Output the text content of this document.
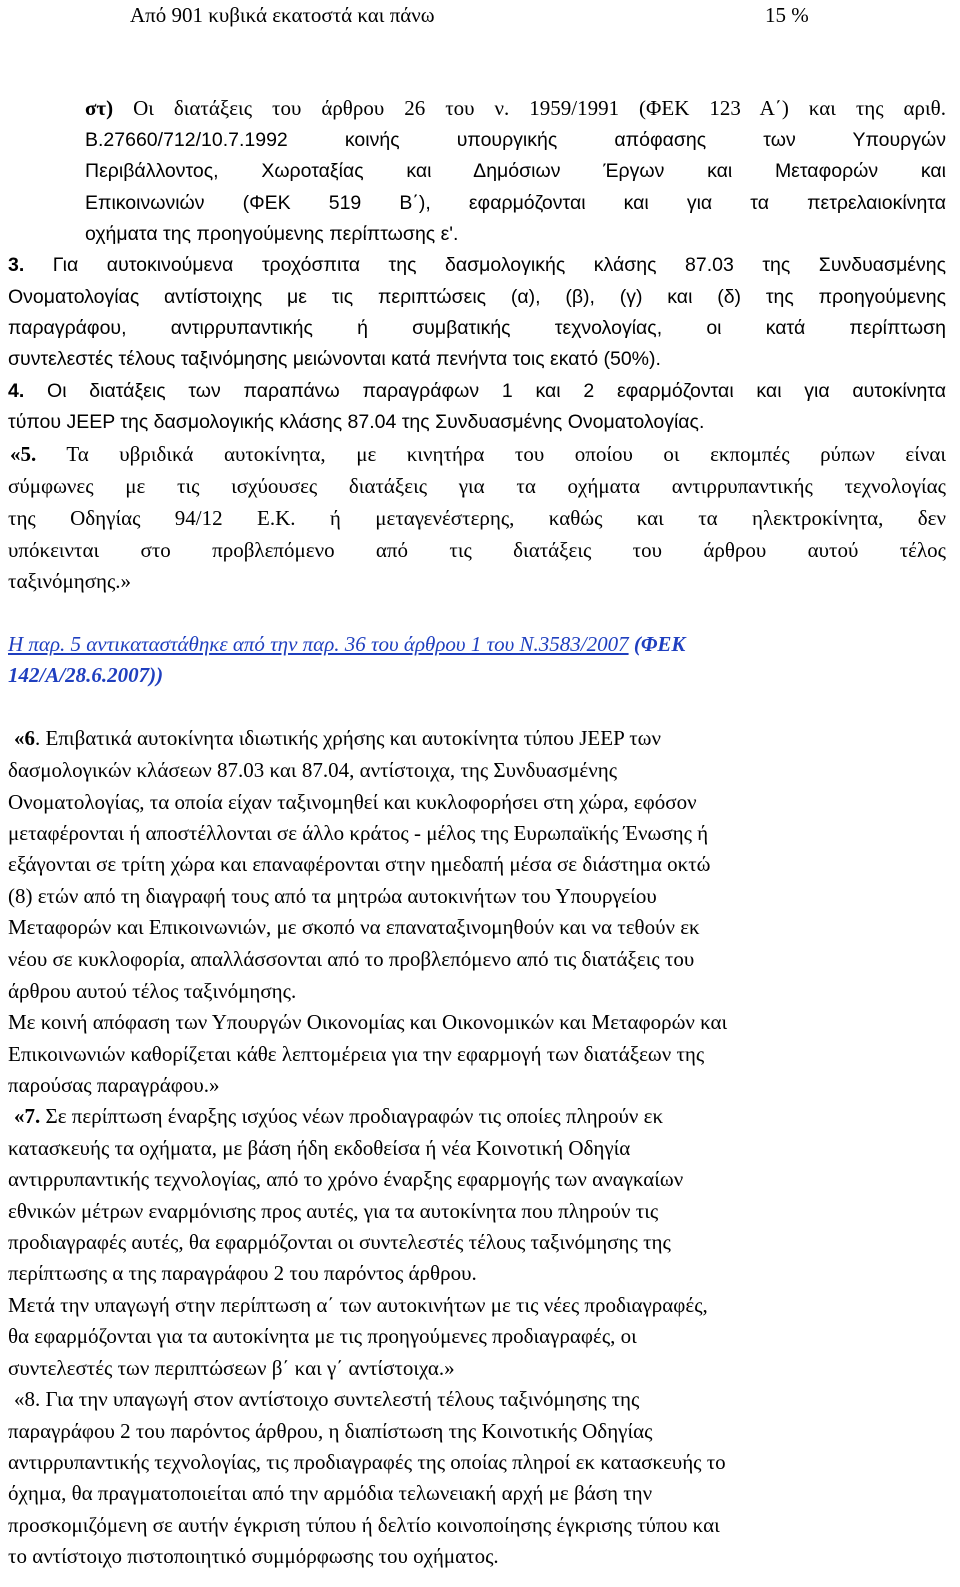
Από 901 κυβικά εκατοστά και πάνω	15 %
στ) Οι διατάξεις του άρθρου 26 του ν. 1959/1991 (ΦΕΚ 123 Α΄) και της αριθ.
Β.27660/712/10.7.1992 κοινής υπουργικής απόφασης των Υπουργών
Περιβάλλοντος, Χωροταξίας και Δημόσιων Έργων και Μεταφορών και
Επικοινωνιών (ΦΕΚ 519 Β΄), εφαρμόζονται και για τα πετρελαιοκίνητα
οχήματα της προηγούμενης περίπτωσης ε'.
3. Για αυτοκινούμενα τροχόσπιτα της δασμολογικής κλάσης 87.03 της Συνδυασμένης
Ονοματολογίας αντίστοιχης με τις περιπτώσεις (α), (β), (γ) και (δ) της προηγούμενης
παραγράφου, αντιρρυπαντικής ή συμβατικής τεχνολογίας, οι κατά περίπτωση
συντελεστές τέλους ταξινόμησης μειώνονται κατά πενήντα τοις εκατό (50%).
4. Οι διατάξεις των παραπάνω παραγράφων 1 και 2 εφαρμόζονται και για αυτοκίνητα
τύπου JEEP της δασμολογικής κλάσης 87.04 της Συνδυασμένης Ονοματολογίας.
«5. Τα υβριδικά αυτοκίνητα, με κινητήρα του οποίου οι εκπομπές ρύπων είναι
σύμφωνες με τις ισχύουσες διατάξεις για τα οχήματα αντιρρυπαντικής τεχνολογίας
της Οδηγίας 94/12 Ε.Κ. ή μεταγενέστερης, καθώς και τα ηλεκτροκίνητα, δεν
υπόκεινται στο προβλεπόμενο από τις διατάξεις του άρθρου αυτού τέλος
ταξινόμησης.»
Η παρ. 5 αντικαταστάθηκε από την παρ. 36 του άρθρου 1 του Ν.3583/2007 (ΦΕΚ
142/Α/28.6.2007))
«6. Επιβατικά αυτοκίνητα ιδιωτικής χρήσης και αυτοκίνητα τύπου JEEP των
δασμολογικών κλάσεων 87.03 και 87.04, αντίστοιχα, της Συνδυασμένης
Ονοματολογίας, τα οποία είχαν ταξινομηθεί και κυκλοφορήσει στη χώρα, εφόσον
μεταφέρονται ή αποστέλλονται σε άλλο κράτος - μέλος της Ευρωπαϊκής Ένωσης ή
εξάγονται σε τρίτη χώρα και επαναφέρονται στην ημεδαπή μέσα σε διάστημα οκτώ
(8) ετών από τη διαγραφή τους από τα μητρώα αυτοκινήτων του Υπουργείου
Μεταφορών και Επικοινωνιών, με σκοπό να επαναταξινομηθούν και να τεθούν εκ
νέου σε κυκλοφορία, απαλλάσσονται από το προβλεπόμενο από τις διατάξεις του
άρθρου αυτού τέλος ταξινόμησης.
Με κοινή απόφαση των Υπουργών Οικονομίας και Οικονομικών και Μεταφορών και
Επικοινωνιών καθορίζεται κάθε λεπτομέρεια για την εφαρμογή των διατάξεων της
παρούσας παραγράφου.»
«7. Σε περίπτωση έναρξης ισχύος νέων προδιαγραφών τις οποίες πληρούν εκ
κατασκευής τα οχήματα, με βάση ήδη εκδοθείσα ή νέα Κοινοτική Οδηγία
αντιρρυπαντικής τεχνολογίας, από το χρόνο έναρξης εφαρμογής των αναγκαίων
εθνικών μέτρων εναρμόνισης προς αυτές, για τα αυτοκίνητα που πληρούν τις
προδιαγραφές αυτές, θα εφαρμόζονται οι συντελεστές τέλους ταξινόμησης της
περίπτωσης α της παραγράφου 2 του παρόντος άρθρου.
Μετά την υπαγωγή στην περίπτωση α΄ των αυτοκινήτων με τις νέες προδιαγραφές,
θα εφαρμόζονται για τα αυτοκίνητα με τις προηγούμενες προδιαγραφές, οι
συντελεστές των περιπτώσεων β΄ και γ΄ αντίστοιχα.»
«8. Για την υπαγωγή στον αντίστοιχο συντελεστή τέλους ταξινόμησης της
παραγράφου 2 του παρόντος άρθρου, η διαπίστωση της Κοινοτικής Οδηγίας
αντιρρυπαντικής τεχνολογίας, τις προδιαγραφές της οποίας πληροί εκ κατασκευής το
όχημα, θα πραγματοποιείται από την αρμόδια τελωνειακή αρχή με βάση την
προσκομιζόμενη σε αυτήν έγκριση τύπου ή δελτίο κοινοποίησης έγκρισης τύπου και
το αντίστοιχο πιστοποιητικό συμμόρφωσης του οχήματος.
